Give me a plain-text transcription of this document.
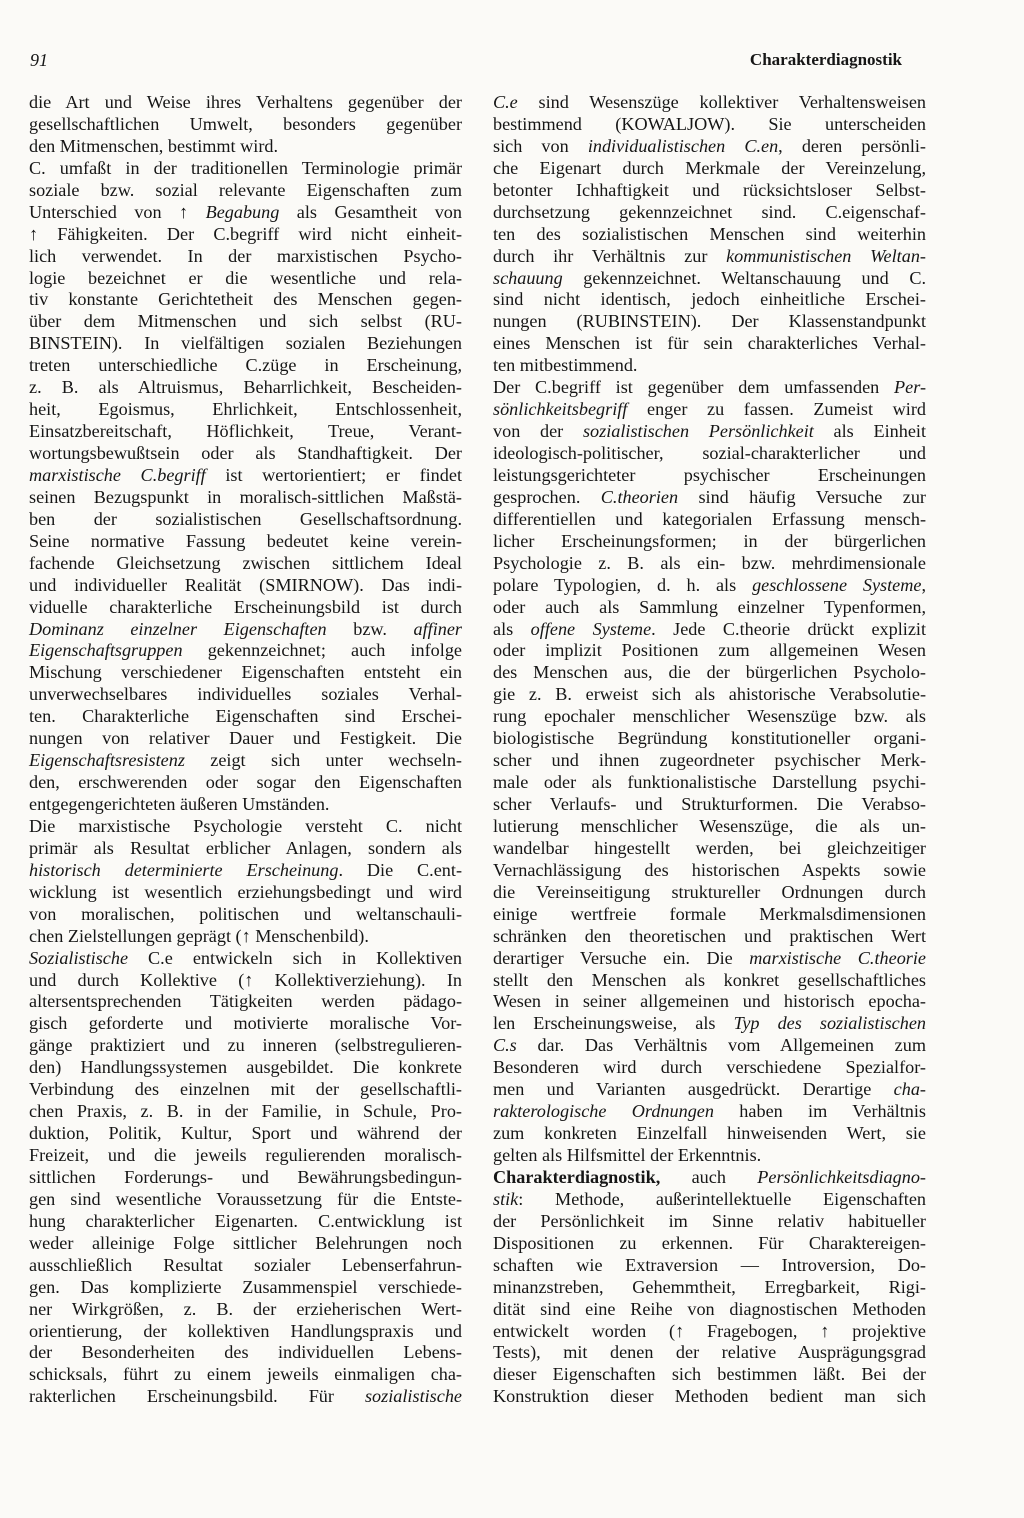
91	Charakterdiagnostik
die Art und Weise ihres Verhaltens gegenüber der
gesellschaftlichen Umwelt, besonders gegenüber
den Mitmenschen, bestimmt wird.
C. umfaßt in der traditionellen Terminologie primär
soziale bzw. sozial relevante Eigenschaften zum
Unterschied von ↑ Begabung als Gesamtheit von
↑ Fähigkeiten. Der C.begriff wird nicht einheit-
lich verwendet. In der marxistischen Psycho-
logie bezeichnet er die wesentliche und rela-
tiv konstante Gerichtetheit des Menschen gegen-
über dem Mitmenschen und sich selbst (RU-
BINSTEIN). In vielfältigen sozialen Beziehungen
treten unterschiedliche C.züge in Erscheinung,
z. B. als Altruismus, Beharrlichkeit, Bescheiden-
heit, Egoismus, Ehrlichkeit, Entschlossenheit,
Einsatzbereitschaft, Höflichkeit, Treue, Verant-
wortungsbewußtsein oder als Standhaftigkeit. Der
marxistische C.begriff ist wertorientiert; er findet
seinen Bezugspunkt in moralisch-sittlichen Maßstä-
ben der sozialistischen Gesellschaftsordnung.
Seine normative Fassung bedeutet keine verein-
fachende Gleichsetzung zwischen sittlichem Ideal
und individueller Realität (SMIRNOW). Das indi-
viduelle charakterliche Erscheinungsbild ist durch
Dominanz einzelner Eigenschaften bzw. affiner
Eigenschaftsgruppen gekennzeichnet; auch infolge
Mischung verschiedener Eigenschaften entsteht ein
unverwechselbares individuelles soziales Verhal-
ten. Charakterliche Eigenschaften sind Erschei-
nungen von relativer Dauer und Festigkeit. Die
Eigenschaftsresistenz zeigt sich unter wechseln-
den, erschwerenden oder sogar den Eigenschaften
entgegengerichteten äußeren Umständen.
Die marxistische Psychologie versteht C. nicht
primär als Resultat erblicher Anlagen, sondern als
historisch determinierte Erscheinung. Die C.ent-
wicklung ist wesentlich erziehungsbedingt und wird
von moralischen, politischen und weltanschauli-
chen Zielstellungen geprägt (↑ Menschenbild).
Sozialistische C.e entwickeln sich in Kollektiven
und durch Kollektive (↑ Kollektiverziehung). In
altersentsprechenden Tätigkeiten werden pädago-
gisch geforderte und motivierte moralische Vor-
gänge praktiziert und zu inneren (selbstregulieren-
den) Handlungssystemen ausgebildet. Die konkrete
Verbindung des einzelnen mit der gesellschaftli-
chen Praxis, z. B. in der Familie, in Schule, Pro-
duktion, Politik, Kultur, Sport und während der
Freizeit, und die jeweils regulierenden moralisch-
sittlichen Forderungs- und Bewährungsbedingun-
gen sind wesentliche Voraussetzung für die Entste-
hung charakterlicher Eigenarten. C.entwicklung ist
weder alleinige Folge sittlicher Belehrungen noch
ausschließlich Resultat sozialer Lebenserfahrun-
gen. Das komplizierte Zusammenspiel verschiede-
ner Wirkgrößen, z. B. der erzieherischen Wert-
orientierung, der kollektiven Handlungspraxis und
der Besonderheiten des individuellen Lebens-
schicksals, führt zu einem jeweils einmaligen cha-
rakterlichen Erscheinungsbild. Für sozialistische
C.e sind Wesenszüge kollektiver Verhaltensweisen
bestimmend (KOWALJOW). Sie unterscheiden
sich von individualistischen C.en, deren persönli-
che Eigenart durch Merkmale der Vereinzelung,
betonter Ichhaftigkeit und rücksichtsloser Selbst-
durchsetzung gekennzeichnet sind. C.eigenschaf-
ten des sozialistischen Menschen sind weiterhin
durch ihr Verhältnis zur kommunistischen Weltan-
schauung gekennzeichnet. Weltanschauung und C.
sind nicht identisch, jedoch einheitliche Erschei-
nungen (RUBINSTEIN). Der Klassenstandpunkt
eines Menschen ist für sein charakterliches Verhal-
ten mitbestimmend.
Der C.begriff ist gegenüber dem umfassenden Per-
sönlichkeitsbegriff enger zu fassen. Zumeist wird
von der sozialistischen Persönlichkeit als Einheit
ideologisch-politischer, sozial-charakterlicher und
leistungsgerichteter psychischer Erscheinungen
gesprochen. C.theorien sind häufig Versuche zur
differentiellen und kategorialen Erfassung mensch-
licher Erscheinungsformen; in der bürgerlichen
Psychologie z. B. als ein- bzw. mehrdimensionale
polare Typologien, d. h. als geschlossene Systeme,
oder auch als Sammlung einzelner Typenformen,
als offene Systeme. Jede C.theorie drückt explizit
oder implizit Positionen zum allgemeinen Wesen
des Menschen aus, die der bürgerlichen Psycholo-
gie z. B. erweist sich als ahistorische Verabsolutie-
rung epochaler menschlicher Wesenszüge bzw. als
biologistische Begründung konstitutioneller organi-
scher und ihnen zugeordneter psychischer Merk-
male oder als funktionalistische Darstellung psychi-
scher Verlaufs- und Strukturformen. Die Verabso-
lutierung menschlicher Wesenszüge, die als un-
wandelbar hingestellt werden, bei gleichzeitiger
Vernachlässigung des historischen Aspekts sowie
die Vereinseitigung struktureller Ordnungen durch
einige wertfreie formale Merkmalsdimensionen
schränken den theoretischen und praktischen Wert
derartiger Versuche ein. Die marxistische C.theorie
stellt den Menschen als konkret gesellschaftliches
Wesen in seiner allgemeinen und historisch epocha-
len Erscheinungsweise, als Typ des sozialistischen
C.s dar. Das Verhältnis vom Allgemeinen zum
Besonderen wird durch verschiedene Spezialfor-
men und Varianten ausgedrückt. Derartige cha-
rakterologische Ordnungen haben im Verhältnis
zum konkreten Einzelfall hinweisenden Wert, sie
gelten als Hilfsmittel der Erkenntnis.
Charakterdiagnostik, auch Persönlichkeitsdiagno-
stik: Methode, außerintellektuelle Eigenschaften
der Persönlichkeit im Sinne relativ habitueller
Dispositionen zu erkennen. Für Charaktereigen-
schaften wie Extraversion — Introversion, Do-
minanzstreben, Gehemmtheit, Erregbarkeit, Rigi-
dität sind eine Reihe von diagnostischen Methoden
entwickelt worden (↑ Fragebogen, ↑ projektive
Tests), mit denen der relative Ausprägungsgrad
dieser Eigenschaften sich bestimmen läßt. Bei der
Konstruktion dieser Methoden bedient man sich
